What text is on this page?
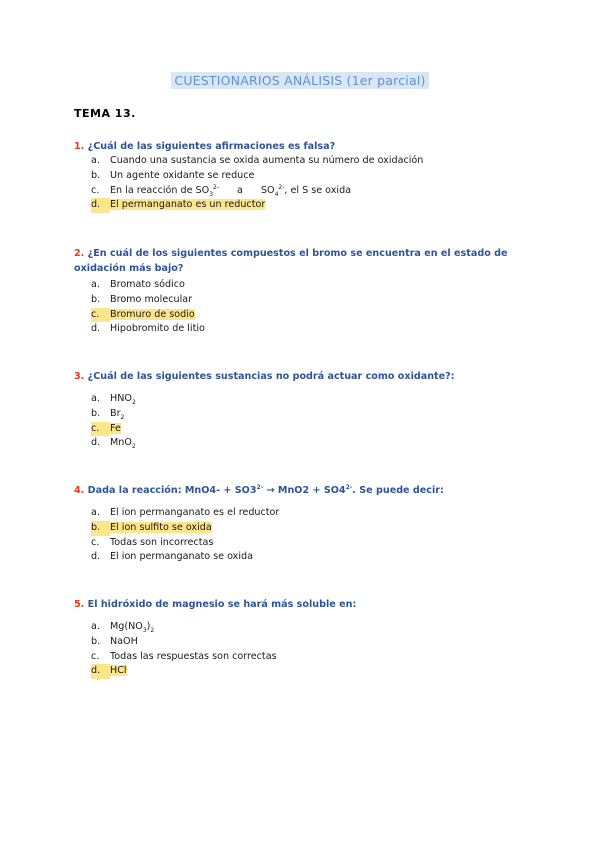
CUESTIONARIOS ANÁLISIS (1er parcial)
TEMA 13.
1. ¿Cuál de las siguientes afirmaciones es falsa?
a. Cuando una sustancia se oxida aumenta su número de oxidación
b. Un agente oxidante se reduce
c. En la reacción de $SO_3^{2-}$ a $SO_4^{2-}$, el S se oxida
d. El permanganato es un reductor
2. ¿En cuál de los siguientes compuestos el bromo se encuentra en el estado de oxidación más bajo?
a. Bromato sódico
b. Bromo molecular
c. Bromuro de sodio
d. Hipobromito de litio
3. ¿Cuál de las siguientes sustancias no podrá actuar como oxidante?:
a. $HNO_2$
b. $Br_2$
c. Fe
d. MnO$_2$
4. Dada la reacción: $MnO4- + SO3^{2-} \to MnO2 + SO4^{2-}$. Se puede decir:
a. El ion permanganato es el reductor
b. El ion sulfito se oxida
c. Todas son incorrectas
d. El ion permanganato se oxida
5. El hidróxido de magnesio se hará más soluble en:
a. $Mg(NO_3)_2$
b. NaOH
c. Todas las respuestas son correctas
d. HCl
